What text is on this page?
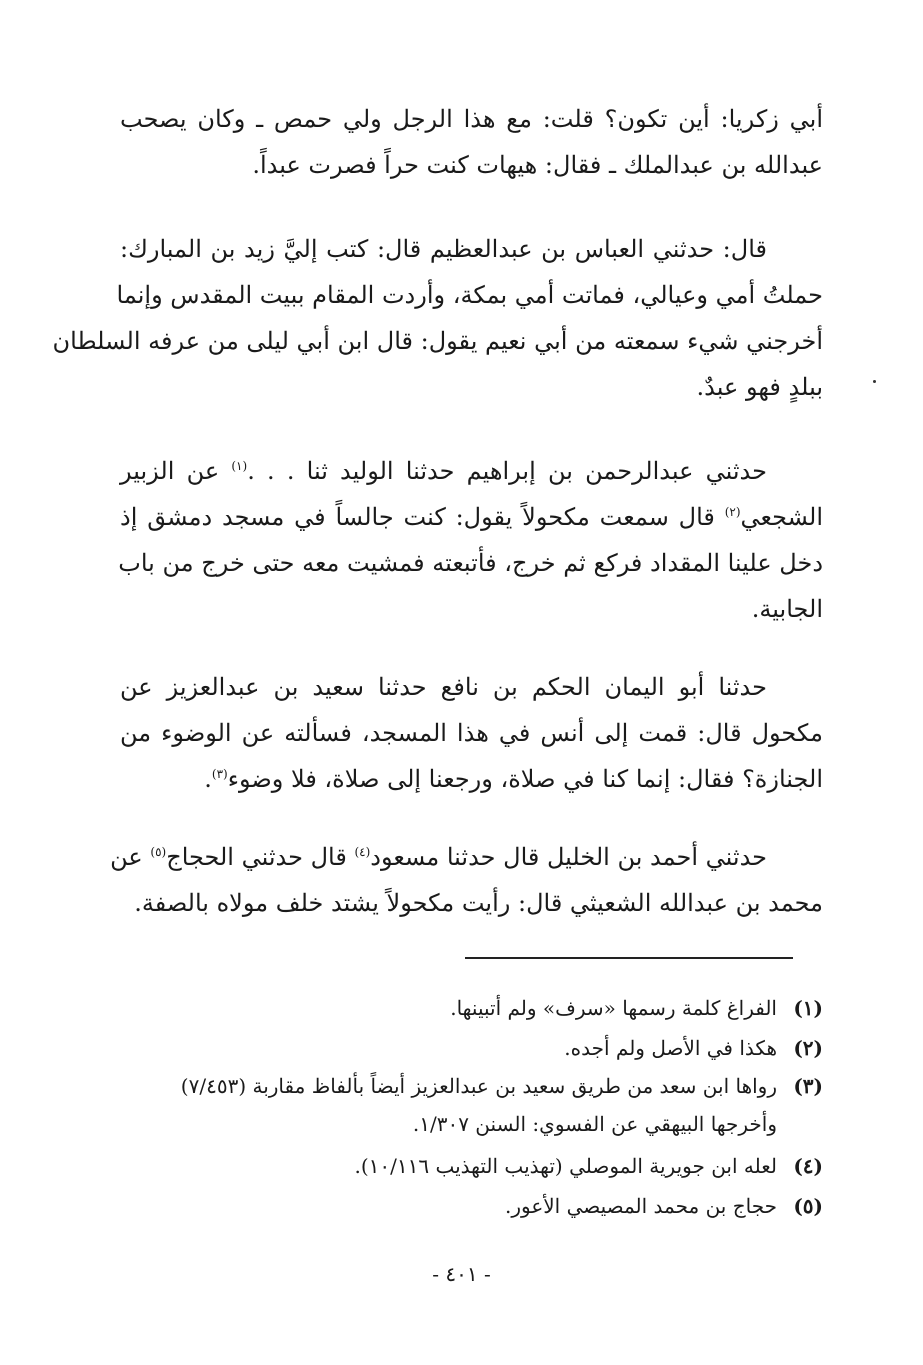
أبي زكريا: أين تكون؟ قلت: مع هذا الرجل ولي حمص ـ وكان يصحب
عبدالله بن عبدالملك ـ فقال: هيهات كنت حراً فصرت عبداً.
قال: حدثني العباس بن عبدالعظيم قال: كتب إليَّ زيد بن المبارك:
حملتُ أمي وعيالي، فماتت أمي بمكة، وأردت المقام ببيت المقدس وإنما
أخرجني شيء سمعته من أبي نعيم يقول: قال ابن أبي ليلى من عرفه السلطان
ببلدٍ فهو عبدٌ.
حدثني عبدالرحمن بن إبراهيم حدثنا الوليد ثنا . . .$^{(١)}$ عن الزبير
الشجعي$^{(٢)}$ قال سمعت مكحولاً يقول: كنت جالساً في مسجد دمشق إذ
دخل علينا المقداد فركع ثم خرج، فأتبعته فمشيت معه حتى خرج من باب
الجابية.
حدثنا أبو اليمان الحكم بن نافع حدثنا سعيد بن عبدالعزيز عن
مكحول قال: قمت إلى أنس في هذا المسجد، فسألته عن الوضوء من
الجنازة؟ فقال: إنما كنا في صلاة، ورجعنا إلى صلاة، فلا وضوء$^{(٣)}$.
حدثني أحمد بن الخليل قال حدثنا مسعود$^{(٤)}$ قال حدثني الحجاج$^{(٥)}$ عن
محمد بن عبدالله الشعيثي قال: رأيت مكحولاً يشتد خلف مولاه بالصفة.
(١)الفراغ كلمة رسمها «سرف» ولم أتبينها.
(٢)هكذا في الأصل ولم أجده.
(٣)رواها ابن سعد من طريق سعيد بن عبدالعزيز أيضاً بألفاظ مقاربة (٧/٤٥٣)
وأخرجها البيهقي عن الفسوي: السنن ١/٣٠٧.
(٤)لعله ابن جويرية الموصلي (تهذيب التهذيب ١٠/١١٦).
(٥)حجاج بن محمد المصيصي الأعور.
- ٤٠١ -
